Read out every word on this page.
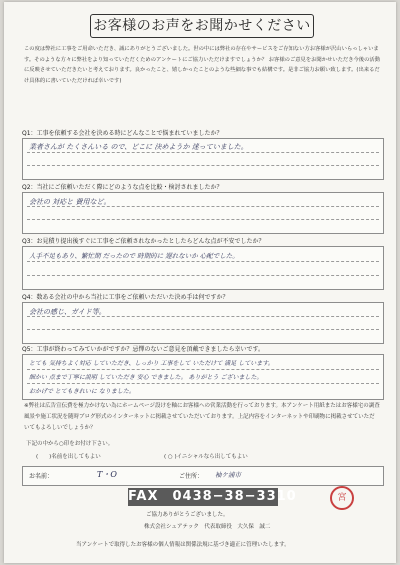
お客様のお声をお聞かせください
この度は弊社に工事をご用命いただき、誠にありがとうございました。世の中には弊社の存在やサービスをご存知ない方お客様が沢山いらっしゃいます。そのような方々に弊社をより知っていただくためのアンケートにご協力いただけますでしょうか？ お客様のご意見をお聞かせいただき今後の活動に反映させていただきたいと考えております。良かったこと、嬉しかったことのような些細な事でも結構です。是非ご協力お願い致します。(出来るだけ具体的に書いていただければ幸いです)
Q1：工事を依頼する会社を決める時にどんなことで悩まれていましたか？
業者さんが たくさんいる ので、どこに 決めようか 迷っていました。
Q2：当社にご依頼いただく際にどのような点を比較・検討されましたか？
会社の 対応と 費用など。
Q3：お見積り提出後すぐに工事をご依頼されなかったとしたらどんな点が不安でしたか？
人手不足もあり、繁忙期 だったので 時期的に 遅れないか 心配でした。
Q4：数ある会社の中から当社に工事をご依頼いただいた決め手は何ですか？
会社の感じ、ガイド等。
Q5：工事が終わってみていかがですか？忌憚のないご意見を頂戴できましたら幸いです。
とても 気持ちよく対応 していただき、しっかり 工事をして いただけて 満足 しています。
細かい 点まで丁寧に説明 していただき 安心 できました。 ありがとう ございました。
おかげで とてもきれいに なりました。
※弊社は広告宣伝費を極力かけない為にホームページ設けを軸にお客様への営業活動を行っております。本アンケート用紙またはお客様宅の調査風景や施工状況を随時ブログ形式のインターネットに掲載させていただいております。上記内容をインターネットや印刷物に掲載させていただいてもよろしいでしょうか？
下記の中から○印をお付け下さい。
(　　)名前を出してもよい	( ○ )イニシャルなら出してもよい
お名前：	T・O	ご住所： 袖ケ浦市
FAX　0438−38−3310	宮
ご協力ありがとうございました。
株式会社シェアテック　代表取締役　大久保　誠二
当アンケートで取得したお客様の個人情報は関係法規に基づき適正に管理いたします。
